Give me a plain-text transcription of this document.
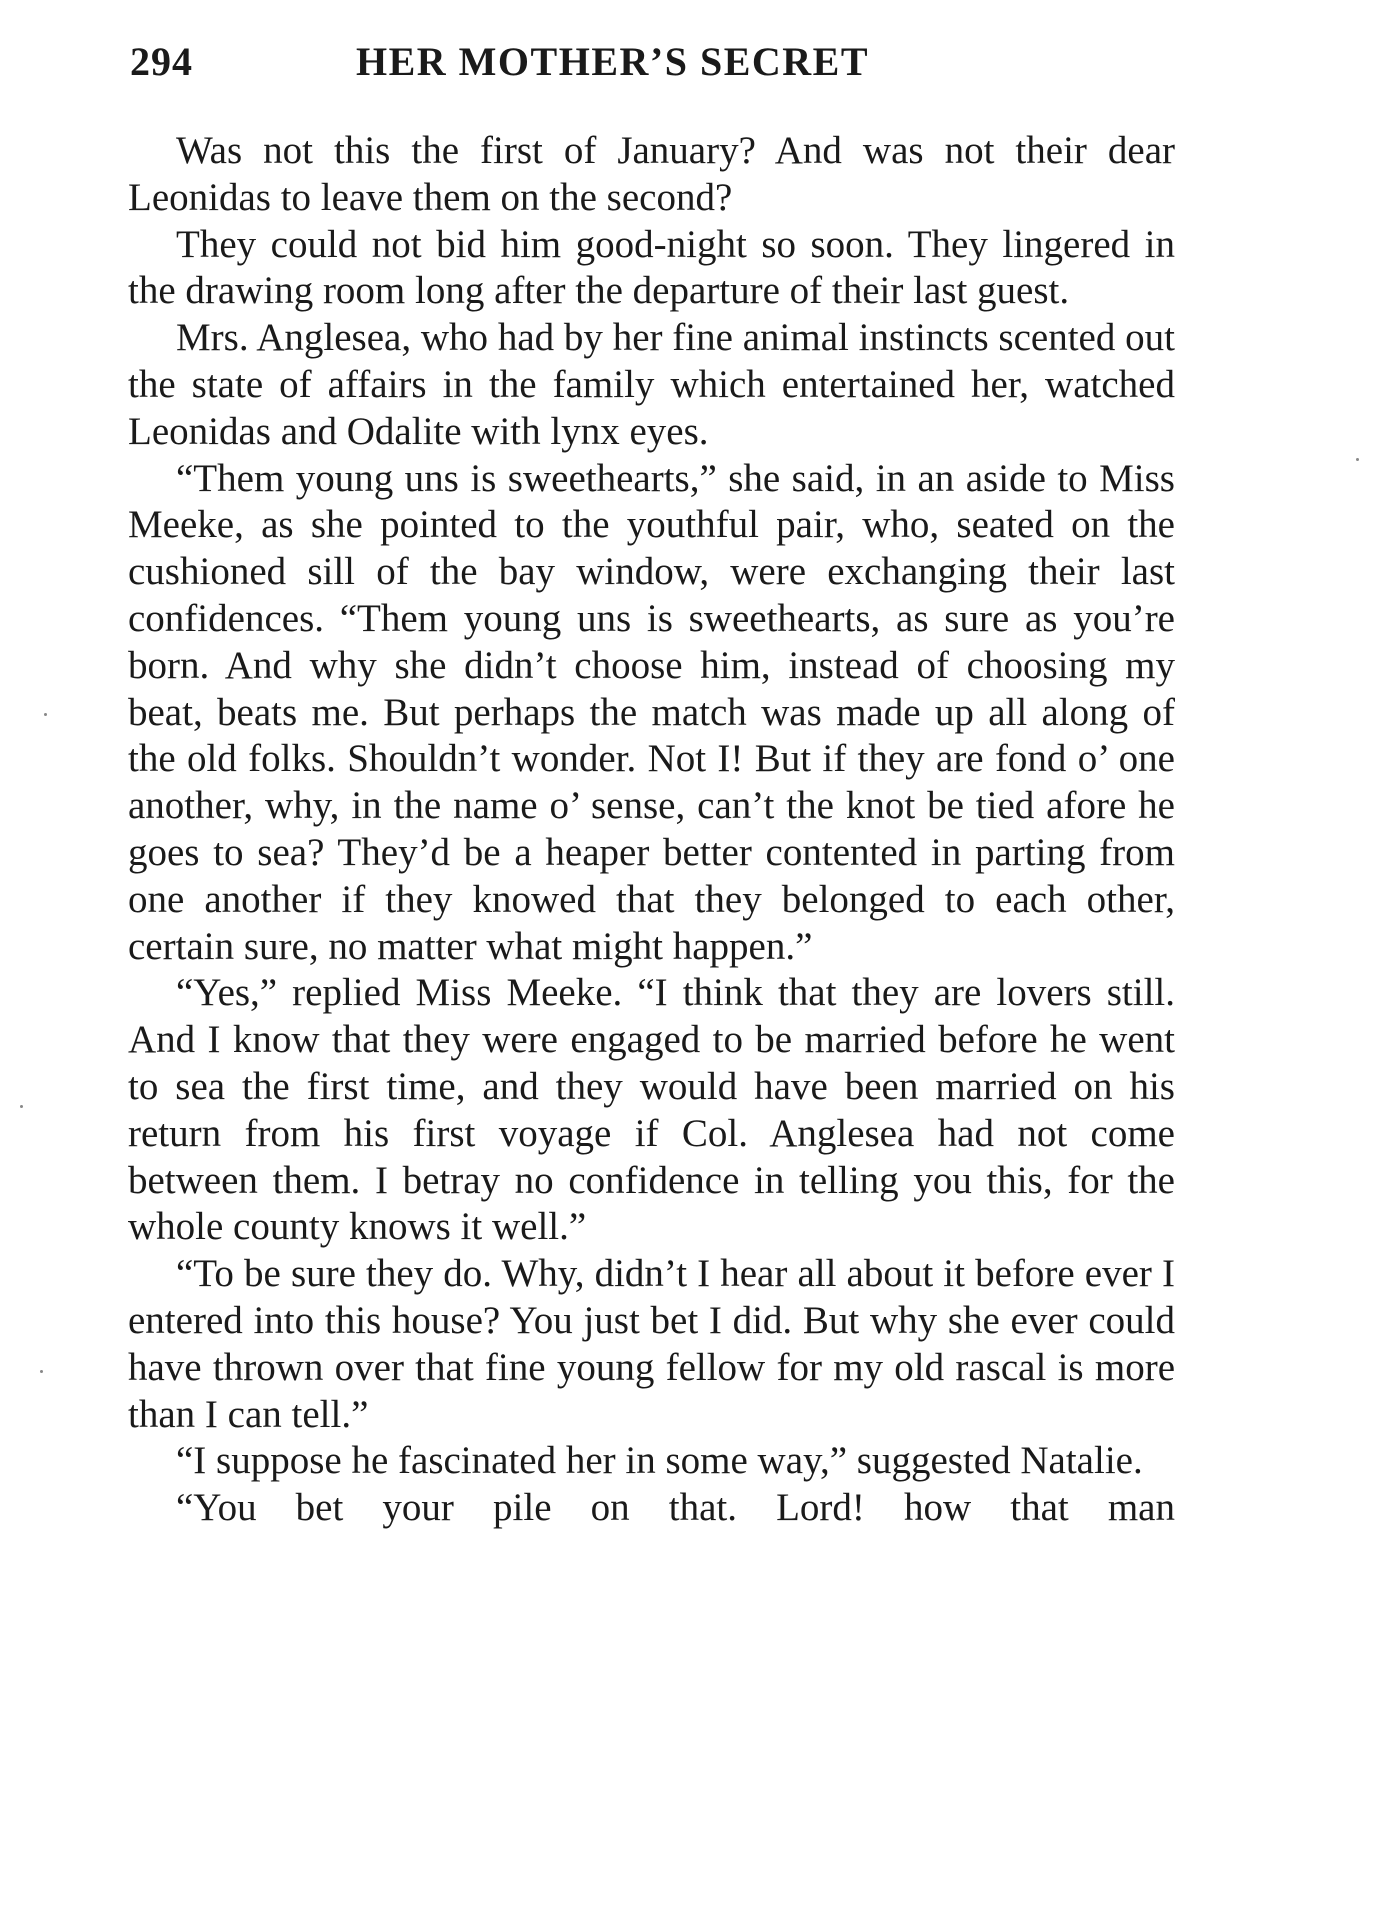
294	HER MOTHER’S SECRET

Was not this the first of January? And was not their dear Leonidas to leave them on the second?

They could not bid him good-night so soon. They lingered in the drawing room long after the departure of their last guest.

Mrs. Anglesea, who had by her fine animal instincts scented out the state of affairs in the family which entertained her, watched Leonidas and Odalite with lynx eyes.

“Them young uns is sweethearts,” she said, in an aside to Miss Meeke, as she pointed to the youthful pair, who, seated on the cushioned sill of the bay window, were exchanging their last confidences. “Them young uns is sweethearts, as sure as you’re born. And why she didn’t choose him, instead of choosing my beat, beats me. But perhaps the match was made up all along of the old folks. Shouldn’t wonder. Not I! But if they are fond o’ one another, why, in the name o’ sense, can’t the knot be tied afore he goes to sea? They’d be a heaper better contented in parting from one another if they knowed that they belonged to each other, certain sure, no matter what might happen.”

“Yes,” replied Miss Meeke. “I think that they are lovers still. And I know that they were engaged to be married before he went to sea the first time, and they would have been married on his return from his first voyage if Col. Anglesea had not come between them. I betray no confidence in telling you this, for the whole county knows it well.”

“To be sure they do. Why, didn’t I hear all about it before ever I entered into this house? You just bet I did. But why she ever could have thrown over that fine young fellow for my old rascal is more than I can tell.”

“I suppose he fascinated her in some way,” suggested Natalie.

“You bet your pile on that. Lord! how that man
